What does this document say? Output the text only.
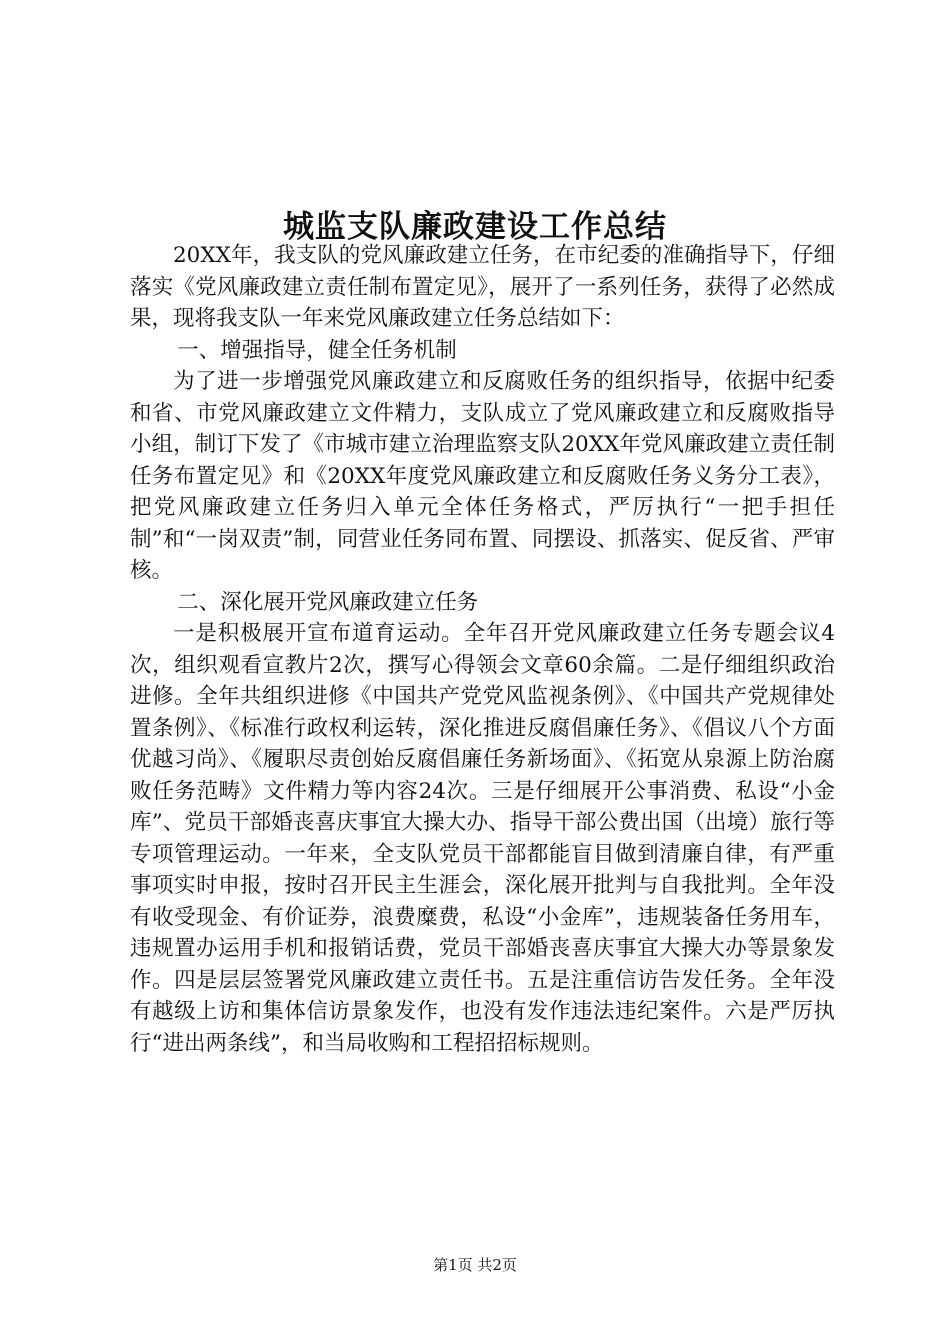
城监支队廉政建设工作总结

20XX年，我支队的党风廉政建立任务，在市纪委的准确指导下，仔细落实《党风廉政建立责任制布置定见》，展开了一系列任务，获得了必然成果，现将我支队一年来党风廉政建立任务总结如下：

一、增强指导，健全任务机制

为了进一步增强党风廉政建立和反腐败任务的组织指导，依据中纪委和省、市党风廉政建立文件精力，支队成立了党风廉政建立和反腐败指导小组，制订下发了《市城市建立治理监察支队20XX年党风廉政建立责任制任务布置定见》和《20XX年度党风廉政建立和反腐败任务义务分工表》，把党风廉政建立任务归入单元全体任务格式，严厉执行“一把手担任制”和“一岗双责”制，同营业任务同布置、同摆设、抓落实、促反省、严审核。

二、深化展开党风廉政建立任务

一是积极展开宣布道育运动。全年召开党风廉政建立任务专题会议4次，组织观看宣教片2次，撰写心得领会文章60余篇。二是仔细组织政治进修。全年共组织进修《中国共产党党风监视条例》、《中国共产党规律处置条例》、《标准行政权利运转，深化推进反腐倡廉任务》、《倡议八个方面优越习尚》、《履职尽责创始反腐倡廉任务新场面》、《拓宽从泉源上防治腐败任务范畴》文件精力等内容24次。三是仔细展开公事消费、私设“小金库”、党员干部婚丧喜庆事宜大操大办、指导干部公费出国（出境）旅行等专项管理运动。一年来，全支队党员干部都能盲目做到清廉自律，有严重事项实时申报，按时召开民主生涯会，深化展开批判与自我批判。全年没有收受现金、有价证券，浪费糜费，私设“小金库”，违规装备任务用车，违规置办运用手机和报销话费，党员干部婚丧喜庆事宜大操大办等景象发作。四是层层签署党风廉政建立责任书。五是注重信访告发任务。全年没有越级上访和集体信访景象发作，也没有发作违法违纪案件。六是严厉执行“进出两条线”，和当局收购和工程招招标规则。

第1页 共2页
